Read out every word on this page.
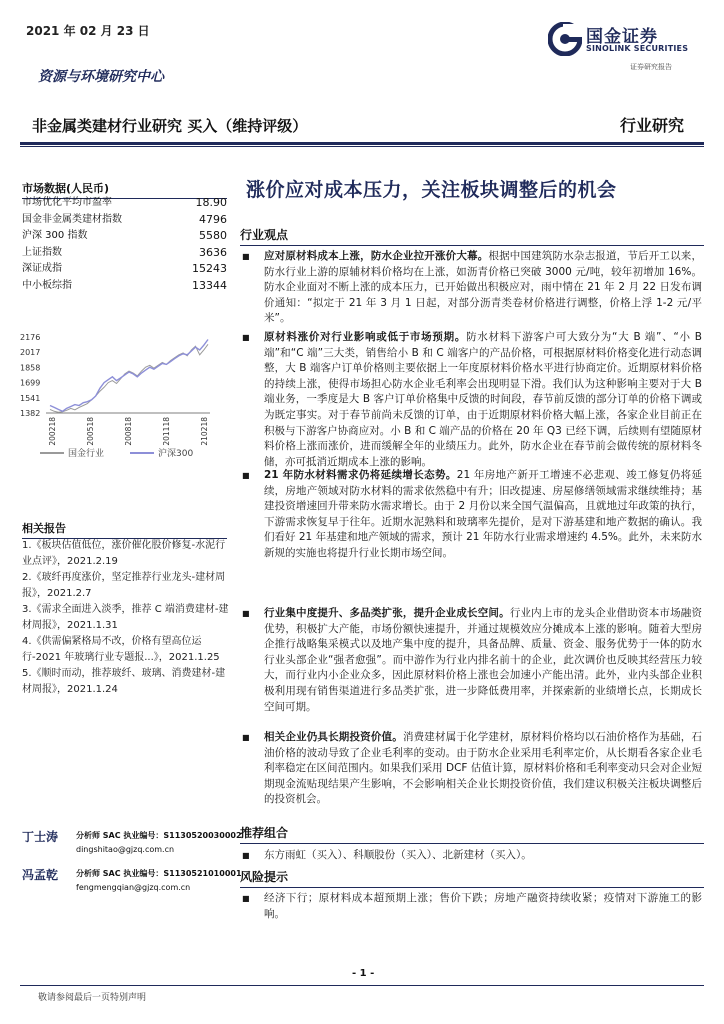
2021 年 02 月 23 日
资源与环境研究中心
国金证券
SINOLINK SECURITIES
证券研究报告
非金属类建材行业研究 买入（维持评级）	行业研究
市场数据(人民币)
市场优化平均市盈率	18.90
国金非金属类建材指数	4796
沪深 300 指数	5580
上证指数	3636
深证成指	15243
中小板综指	13344
2176
2017
1858
1699
1541
1382
200218	200518	200818	201118	210218
国金行业	沪深300
相关报告
1.《板块估值低位，涨价催化股价修复-水泥行业点评》，2021.2.19
2.《玻纤再度涨价，坚定推荐行业龙头-建材周报》，2021.2.7
3.《需求全面进入淡季，推荐 C 端消费建材-建材周报》，2021.1.31
4.《供需偏紧格局不改，价格有望高位运行-2021 年玻璃行业专题报...》，2021.1.25
5.《顺时而动，推荐玻纤、玻璃、消费建材-建材周报》，2021.1.24
丁士涛 分析师 SAC 执业编号：S1130520030002
dingshitao@gjzq.com.cn
冯孟乾 分析师 SAC 执业编号：S1130521010001
fengmengqian@gjzq.com.cn
涨价应对成本压力，关注板块调整后的机会
行业观点
■	应对原材料成本上涨，防水企业拉开涨价大幕。根据中国建筑防水杂志报道，节后开工以来，防水行业上游的原辅材料价格均在上涨，如沥青价格已突破 3000 元/吨，较年初增加 16%。防水企业面对不断上涨的成本压力，已开始做出积极应对，雨中情在 21 年 2 月 22 日发布调价通知：“拟定于 21 年 3 月 1 日起，对部分沥青类卷材价格进行调整，价格上浮 1-2 元/平米”。
■	原材料涨价对行业影响或低于市场预期。防水材料下游客户可大致分为“大 B 端”、“小 B 端”和“C 端”三大类，销售给小 B 和 C 端客户的产品价格，可根据原材料价格变化进行动态调整，大 B 端客户订单价格则主要依据上一年度原材料价格水平进行协商定价。近期原材料价格的持续上涨，使得市场担心防水企业毛利率会出现明显下滑。我们认为这种影响主要对于大 B 端业务，一季度是大 B 客户订单价格集中反馈的时间段，春节前反馈的部分订单的价格下调或为既定事实。对于春节前尚未反馈的订单，由于近期原材料价格大幅上涨，各家企业目前正在积极与下游客户协商应对。小 B 和 C 端产品的价格在 20 年 Q3 已经下调，后续则有望随原材料价格上涨而涨价，进而缓解全年的业绩压力。此外，防水企业在春节前会做传统的原材料冬储，亦可抵消近期成本上涨的影响。
■	21 年防水材料需求仍将延续增长态势。21 年房地产新开工增速不必悲观、竣工修复仍将延续，房地产领域对防水材料的需求依然稳中有升；旧改提速、房屋修缮领域需求继续维持；基建投资增速回升带来防水需求增长。由于 2 月份以来全国气温偏高，且就地过年政策的执行，下游需求恢复早于往年。近期水泥熟料和玻璃率先提价，是对下游基建和地产数据的确认。我们看好 21 年基建和地产领域的需求，预计 21 年防水行业需求增速约 4.5%。此外，未来防水新规的实施也将提升行业长期市场空间。
■	行业集中度提升、多品类扩张，提升企业成长空间。行业内上市的龙头企业借助资本市场融资优势，积极扩大产能，市场份额快速提升，并通过规模效应分摊成本上涨的影响。随着大型房企推行战略集采模式以及地产集中度的提升，具备品牌、质量、资金、服务优势于一体的防水行业头部企业“强者愈强”。而中游作为行业内排名前十的企业，此次调价也反映其经营压力较大，而行业内小企业众多，因此原材料价格上涨也会加速小产能出清。此外，业内头部企业积极利用现有销售渠道进行多品类扩张，进一步降低费用率，并探索新的业绩增长点，长期成长空间可期。
■	相关企业仍具长期投资价值。消费建材属于化学建材，原材料价格均以石油价格作为基础，石油价格的波动导致了企业毛利率的变动。由于防水企业采用毛利率定价，从长期看各家企业毛利率稳定在区间范围内。如果我们采用 DCF 估值计算，原材料价格和毛利率变动只会对企业短期现金流贴现结果产生影响，不会影响相关企业长期投资价值，我们建议积极关注板块调整后的投资机会。
推荐组合
■	东方雨虹（买入）、科顺股份（买入）、北新建材（买入）。
风险提示
■	经济下行；原材料成本超预期上涨；售价下跌；房地产融资持续收紧；疫情对下游施工的影响。
- 1 -
敬请参阅最后一页特别声明
